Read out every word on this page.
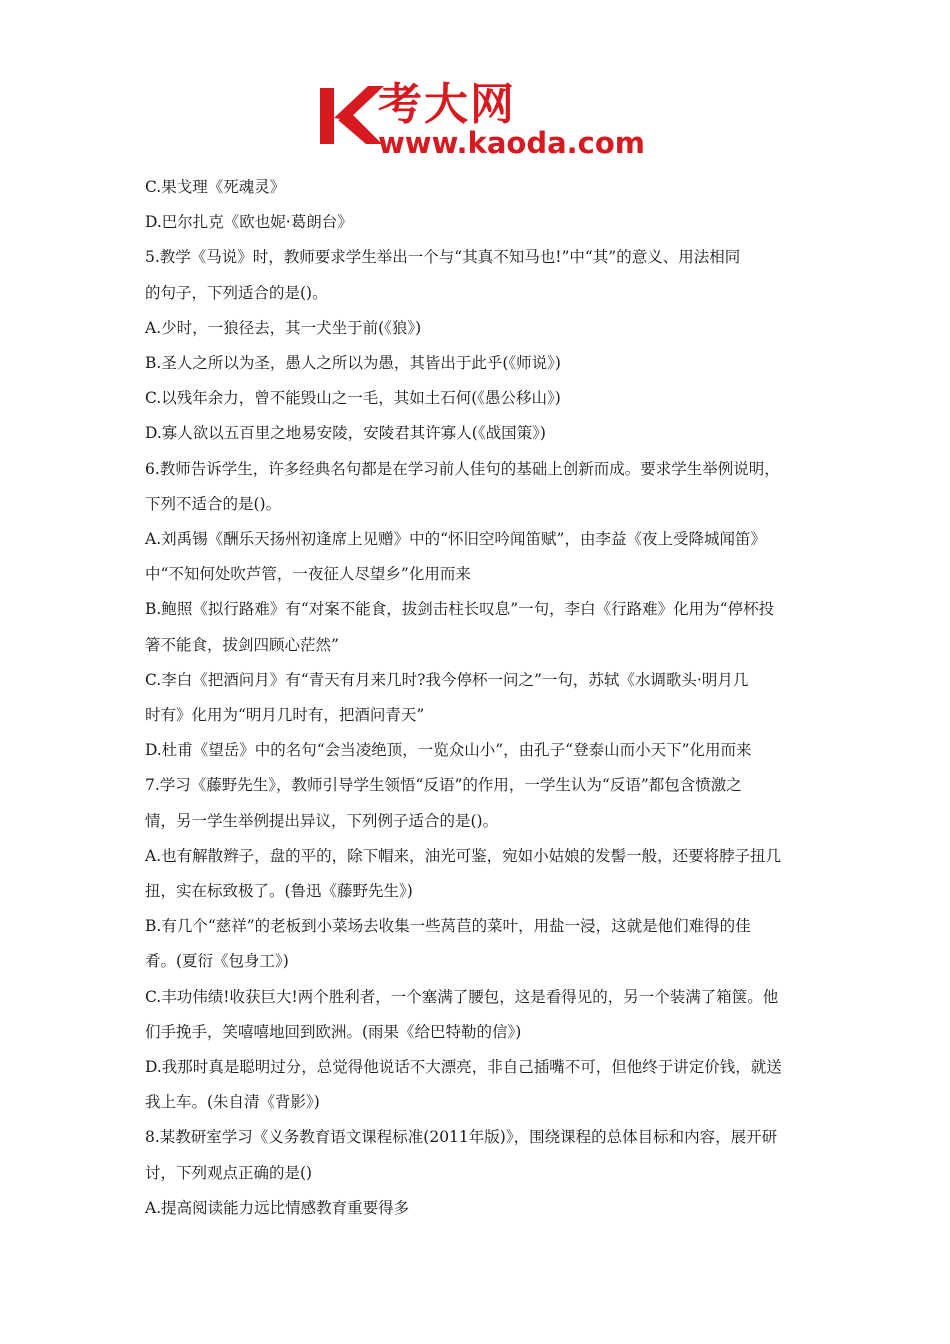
考大网
www.kaoda.com
C.果戈理《死魂灵》
D.巴尔扎克《欧也妮·葛朗台》
5.教学《马说》时，教师要求学生举出一个与“其真不知马也!”中“其”的意义、用法相同
的句子，下列适合的是()。
A.少时，一狼径去，其一犬坐于前(《狼》)
B.圣人之所以为圣，愚人之所以为愚，其皆出于此乎(《师说》)
C.以残年余力，曾不能毁山之一毛，其如土石何(《愚公移山》)
D.寡人欲以五百里之地易安陵，安陵君其许寡人(《战国策》)
6.教师告诉学生，许多经典名句都是在学习前人佳句的基础上创新而成。要求学生举例说明，
下列不适合的是()。
A.刘禹锡《酬乐天扬州初逢席上见赠》中的“怀旧空吟闻笛赋”，由李益《夜上受降城闻笛》
中“不知何处吹芦管，一夜征人尽望乡”化用而来
B.鲍照《拟行路难》有“对案不能食，拔剑击柱长叹息”一句，李白《行路难》化用为“停杯投
箸不能食，拔剑四顾心茫然”
C.李白《把酒问月》有“青天有月来几时?我今停杯一问之”一句，苏轼《水调歌头·明月几
时有》化用为“明月几时有，把酒问青天”
D.杜甫《望岳》中的名句“会当凌绝顶，一览众山小”，由孔子“登泰山而小天下”化用而来
7.学习《藤野先生》，教师引导学生领悟“反语”的作用，一学生认为“反语”都包含愤激之
情，另一学生举例提出异议，下列例子适合的是()。
A.也有解散辫子，盘的平的，除下帽来，油光可鉴，宛如小姑娘的发髻一般，还要将脖子扭几
扭，实在标致极了。(鲁迅《藤野先生》)
B.有几个“慈祥”的老板到小菜场去收集一些莴苣的菜叶，用盐一浸，这就是他们难得的佳
肴。(夏衍《包身工》)
C.丰功伟绩!收获巨大!两个胜利者，一个塞满了腰包，这是看得见的，另一个装满了箱箧。他
们手挽手，笑嘻嘻地回到欧洲。(雨果《给巴特勒的信》)
D.我那时真是聪明过分，总觉得他说话不大漂亮，非自己插嘴不可，但他终于讲定价钱，就送
我上车。(朱自清《背影》)
8.某教研室学习《义务教育语文课程标准(2011年版)》，围绕课程的总体目标和内容，展开研
讨，下列观点正确的是()
A.提高阅读能力远比情感教育重要得多
